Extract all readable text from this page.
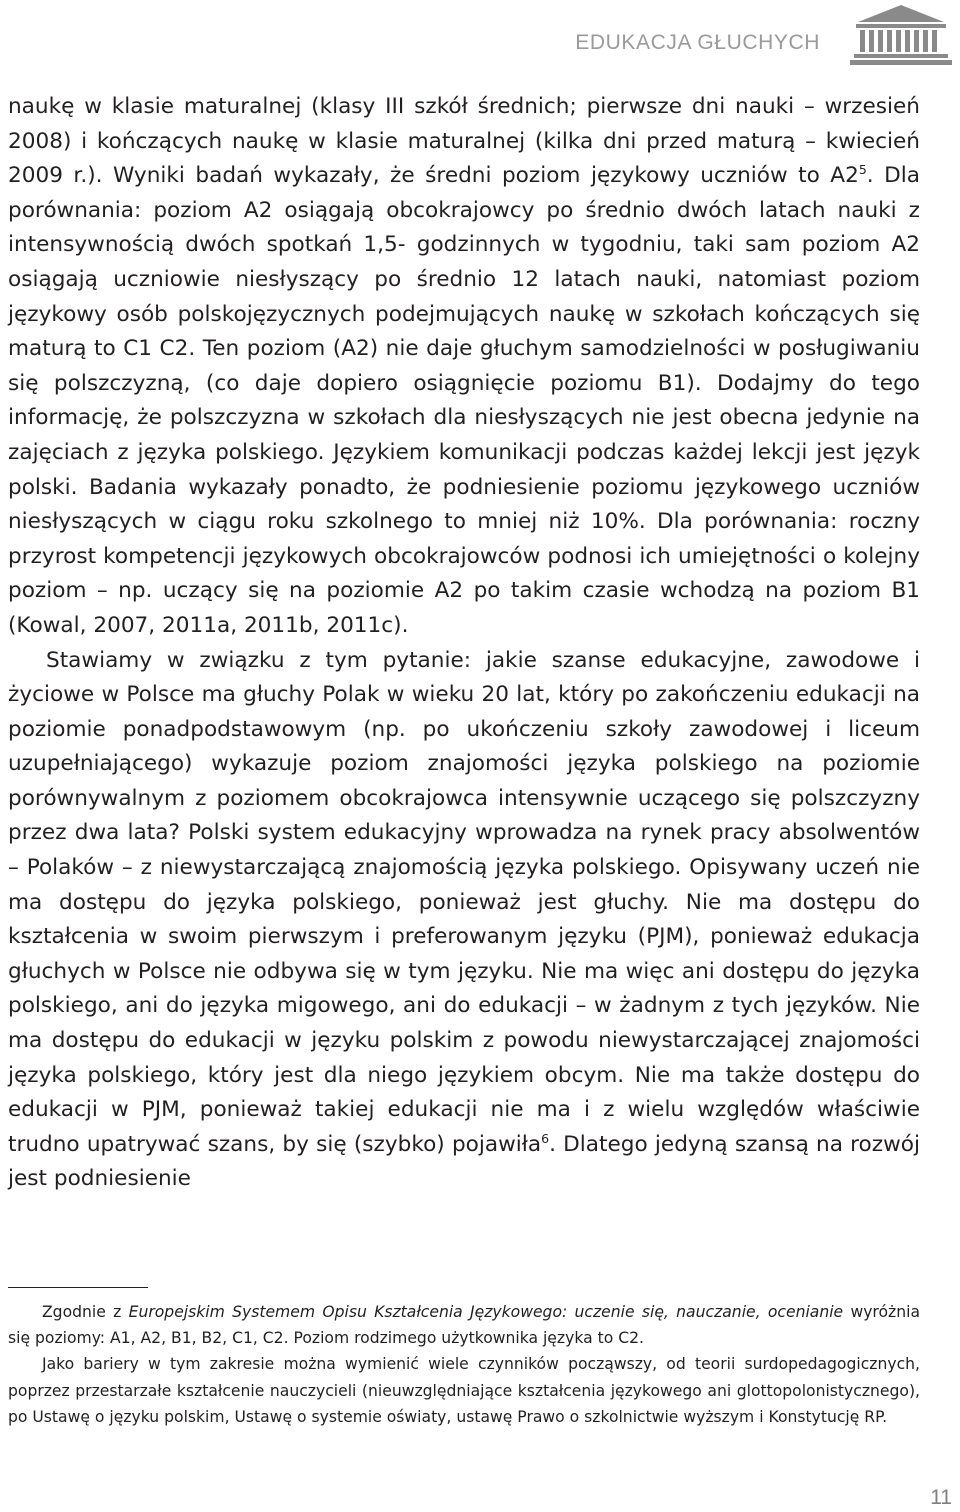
EDUKACJA GŁUCHYCH

naukę w klasie maturalnej (klasy III szkół średnich; pierwsze dni nauki – wrzesień 2008) i kończących naukę w klasie maturalnej (kilka dni przed maturą – kwiecień 2009 r.). Wyniki badań wykazały, że średni poziom językowy uczniów to $A2^5$. Dla porównania: poziom A2 osiągają obcokrajowcy po średnio dwóch latach nauki z intensywnością dwóch spotkań 1,5- godzinnych w tygodniu, taki sam poziom A2 osiągają uczniowie niesłyszący po średnio 12 latach nauki, natomiast poziom językowy osób polskojęzycznych podejmujących naukę w szkołach kończących się maturą to C1 C2. Ten poziom (A2) nie daje głuchym samodzielności w posługiwaniu się polszczyzną, (co daje dopiero osiągnięcie poziomu B1). Dodajmy do tego informację, że polszczyzna w szkołach dla niesłyszących nie jest obecna jedynie na zajęciach z języka polskiego. Językiem komunikacji podczas każdej lekcji jest język polski. Badania wykazały ponadto, że podniesienie poziomu językowego uczniów niesłyszących w ciągu roku szkolnego to mniej niż 10%. Dla porównania: roczny przyrost kompetencji językowych obcokrajowców podnosi ich umiejętności o kolejny poziom – np. uczący się na poziomie A2 po takim czasie wchodzą na poziom B1 (Kowal, 2007, 2011a, 2011b, 2011c).

Stawiamy w związku z tym pytanie: jakie szanse edukacyjne, zawodowe i życiowe w Polsce ma głuchy Polak w wieku 20 lat, który po zakończeniu edukacji na poziomie ponadpodstawowym (np. po ukończeniu szkoły zawodowej i liceum uzupełniającego) wykazuje poziom znajomości języka polskiego na poziomie porównywalnym z poziomem obcokrajowca intensywnie uczącego się polszczyzny przez dwa lata? Polski system edukacyjny wprowadza na rynek pracy absolwentów – Polaków – z niewystarczającą znajomością języka polskiego. Opisywany uczeń nie ma dostępu do języka polskiego, ponieważ jest głuchy. Nie ma dostępu do kształcenia w swoim pierwszym i preferowanym języku (PJM), ponieważ edukacja głuchych w Polsce nie odbywa się w tym języku. Nie ma więc ani dostępu do języka polskiego, ani do języka migowego, ani do edukacji – w żadnym z tych języków. Nie ma dostępu do edukacji w języku polskim z powodu niewystarczającej znajomości języka polskiego, który jest dla niego językiem obcym. Nie ma także dostępu do edukacji w PJM, ponieważ takiej edukacji nie ma i z wielu względów właściwie trudno upatrywać szans, by się (szybko) pojawiła$^6$. Dlatego jedyną szansą na rozwój jest podniesienie

Zgodnie z Europejskim Systemem Opisu Kształcenia Językowego: uczenie się, nauczanie, ocenianie wyróżnia się poziomy: A1, A2, B1, B2, C1, C2. Poziom rodzimego użytkownika języka to C2.

Jako bariery w tym zakresie można wymienić wiele czynników począwszy, od teorii surdopedagogicznych, poprzez przestarzałe kształcenie nauczycieli (nieuwzględniające kształcenia językowego ani glottopolonistycznego), po Ustawę o języku polskim, Ustawę o systemie oświaty, ustawę Prawo o szkolnictwie wyższym i Konstytucję RP.

11
